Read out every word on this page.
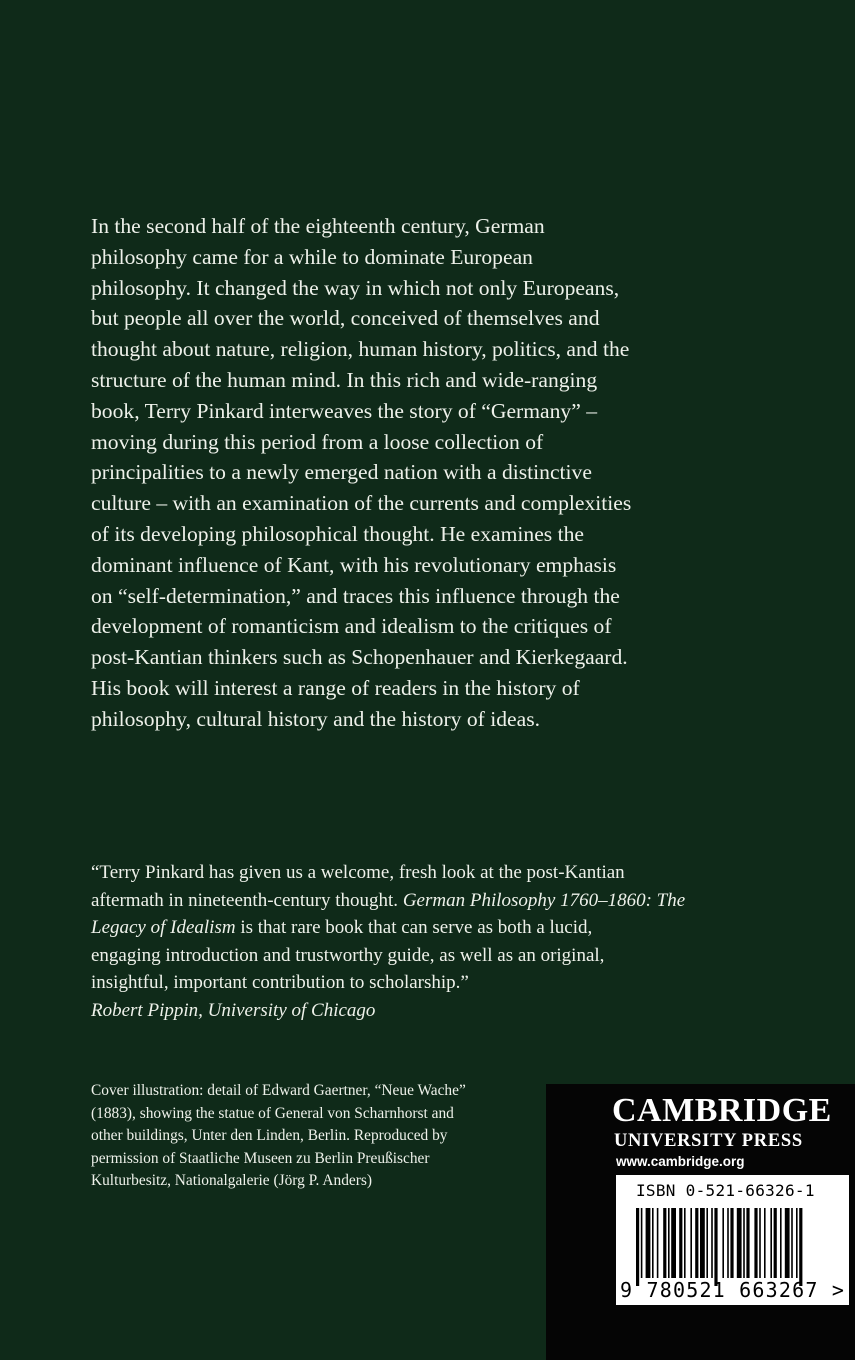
In the second half of the eighteenth century, German philosophy came for a while to dominate European philosophy. It changed the way in which not only Europeans, but people all over the world, conceived of themselves and thought about nature, religion, human history, politics, and the structure of the human mind. In this rich and wide-ranging book, Terry Pinkard interweaves the story of “Germany” – moving during this period from a loose collection of principalities to a newly emerged nation with a distinctive culture – with an examination of the currents and complexities of its developing philosophical thought. He examines the dominant influence of Kant, with his revolutionary emphasis on “self-determination,” and traces this influence through the development of romanticism and idealism to the critiques of post-Kantian thinkers such as Schopenhauer and Kierkegaard. His book will interest a range of readers in the history of philosophy, cultural history and the history of ideas.

“Terry Pinkard has given us a welcome, fresh look at the post-Kantian
aftermath in nineteenth-century thought. German Philosophy 1760–1860: The
Legacy of Idealism is that rare book that can serve as both a lucid,
engaging introduction and trustworthy guide, as well as an original,
insightful, important contribution to scholarship.”
Robert Pippin, University of Chicago
Cover illustration: detail of Edward Gaertner, “Neue Wache”
(1883), showing the statue of General von Scharnhorst and
other buildings, Unter den Linden, Berlin. Reproduced by
permission of Staatliche Museen zu Berlin Preußischer
Kulturbesitz, Nationalgalerie (Jörg P. Anders)
CAMBRIDGE
UNIVERSITY PRESS
www.cambridge.org
ISBN 0-521-66326-1
9 780521 663267 >
